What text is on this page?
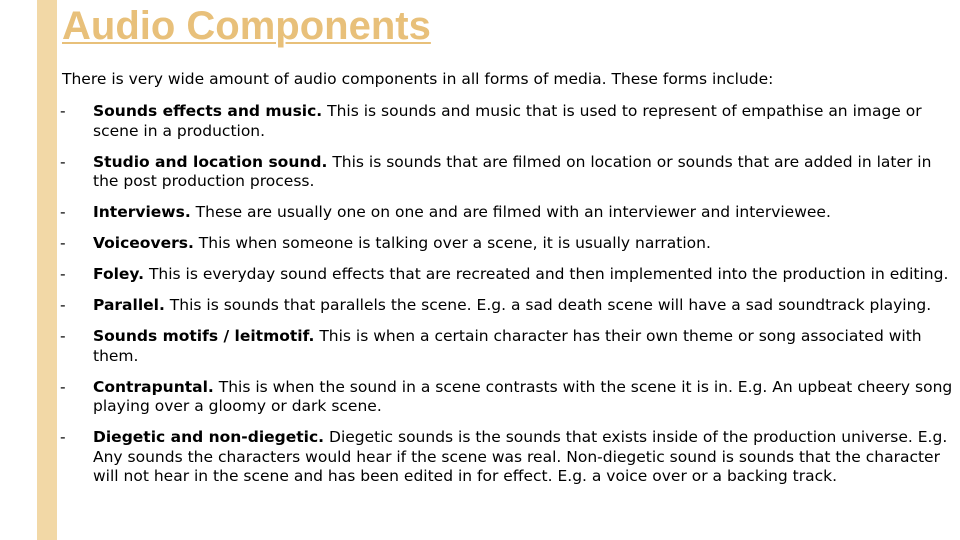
Audio Components

There is very wide amount of audio components in all forms of media. These forms include:

- Sounds effects and music. This is sounds and music that is used to represent of empathise an image or scene in a production.
- Studio and location sound. This is sounds that are filmed on location or sounds that are added in later in the post production process.
- Interviews. These are usually one on one and are filmed with an interviewer and interviewee.
- Voiceovers. This when someone is talking over a scene, it is usually narration.
- Foley. This is everyday sound effects that are recreated and then implemented into the production in editing.
- Parallel. This is sounds that parallels the scene. E.g. a sad death scene will have a sad soundtrack playing.
- Sounds motifs / leitmotif. This is when a certain character has their own theme or song associated with them.
- Contrapuntal. This is when the sound in a scene contrasts with the scene it is in. E.g. An upbeat cheery song playing over a gloomy or dark scene.
- Diegetic and non-diegetic. Diegetic sounds is the sounds that exists inside of the production universe. E.g. Any sounds the characters would hear if the scene was real. Non-diegetic sound is sounds that the character will not hear in the scene and has been edited in for effect. E.g. a voice over or a backing track.
